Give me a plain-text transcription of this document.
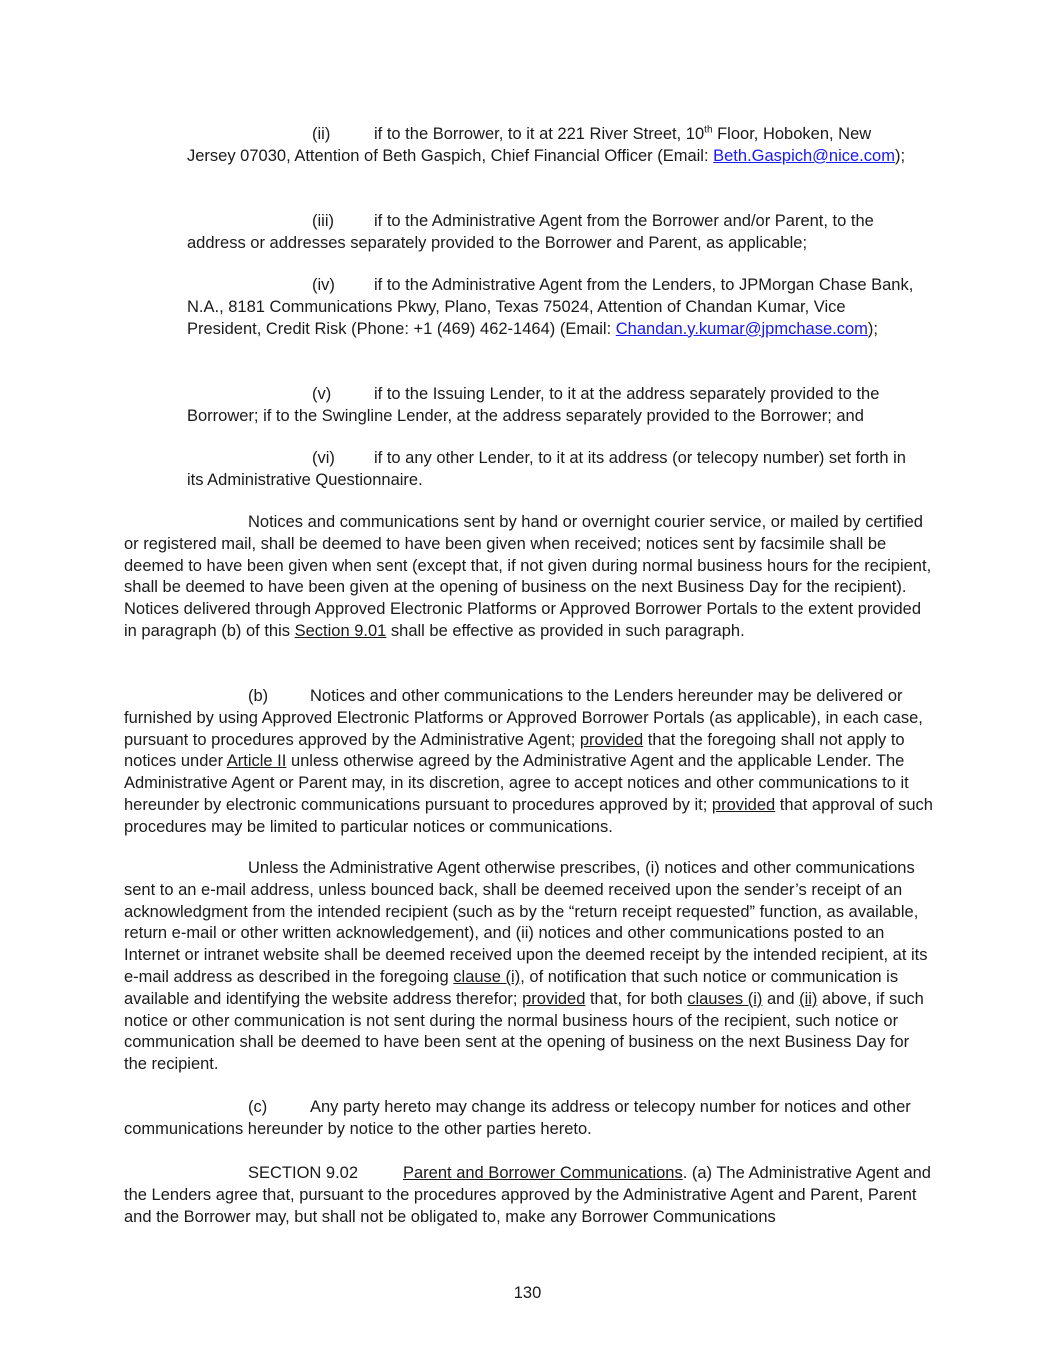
(ii)	if to the Borrower, to it at 221 River Street, 10th Floor, Hoboken, New Jersey 07030, Attention of Beth Gaspich, Chief Financial Officer (Email: Beth.Gaspich@nice.com);

(iii) if to the Administrative Agent from the Borrower and/or Parent, to the address or addresses separately provided to the Borrower and Parent, as applicable;

(iv) if to the Administrative Agent from the Lenders, to JPMorgan Chase Bank, N.A., 8181 Communications Pkwy, Plano, Texas 75024, Attention of Chandan Kumar, Vice President, Credit Risk (Phone: +1 (469) 462-1464) (Email: Chandan.y.kumar@jpmchase.com);

(v)	if to the Issuing Lender, to it at the address separately provided to the Borrower; if to the Swingline Lender, at the address separately provided to the Borrower; and

(vi) if to any other Lender, to it at its address (or telecopy number) set forth in its Administrative Questionnaire.

Notices and communications sent by hand or overnight courier service, or mailed by certified or registered mail, shall be deemed to have been given when received; notices sent by facsimile shall be deemed to have been given when sent (except that, if not given during normal business hours for the recipient, shall be deemed to have been given at the opening of business on the next Business Day for the recipient). Notices delivered through Approved Electronic Platforms or Approved Borrower Portals to the extent provided in paragraph (b) of this Section 9.01 shall be effective as provided in such paragraph.

(b)	Notices and other communications to the Lenders hereunder may be delivered or furnished by using Approved Electronic Platforms or Approved Borrower Portals (as applicable), in each case, pursuant to procedures approved by the Administrative Agent; provided that the foregoing shall not apply to notices under Article II unless otherwise agreed by the Administrative Agent and the applicable Lender. The Administrative Agent or Parent may, in its discretion, agree to accept notices and other communications to it hereunder by electronic communications pursuant to procedures approved by it; provided that approval of such procedures may be limited to particular notices or communications.

Unless the Administrative Agent otherwise prescribes, (i) notices and other communications sent to an e-mail address, unless bounced back, shall be deemed received upon the sender’s receipt of an acknowledgment from the intended recipient (such as by the “return receipt requested” function, as available, return e-mail or other written acknowledgement), and (ii) notices and other communications posted to an Internet or intranet website shall be deemed received upon the deemed receipt by the intended recipient, at its e-mail address as described in the foregoing clause (i), of notification that such notice or communication is available and identifying the website address therefor; provided that, for both clauses (i) and (ii) above, if such notice or other communication is not sent during the normal business hours of the recipient, such notice or communication shall be deemed to have been sent at the opening of business on the next Business Day for the recipient.

(c)	Any party hereto may change its address or telecopy number for notices and other communications hereunder by notice to the other parties hereto.

SECTION 9.02	Parent and Borrower Communications. (a) The Administrative Agent and the Lenders agree that, pursuant to the procedures approved by the Administrative Agent and Parent, Parent and the Borrower may, but shall not be obligated to, make any Borrower Communications

130
